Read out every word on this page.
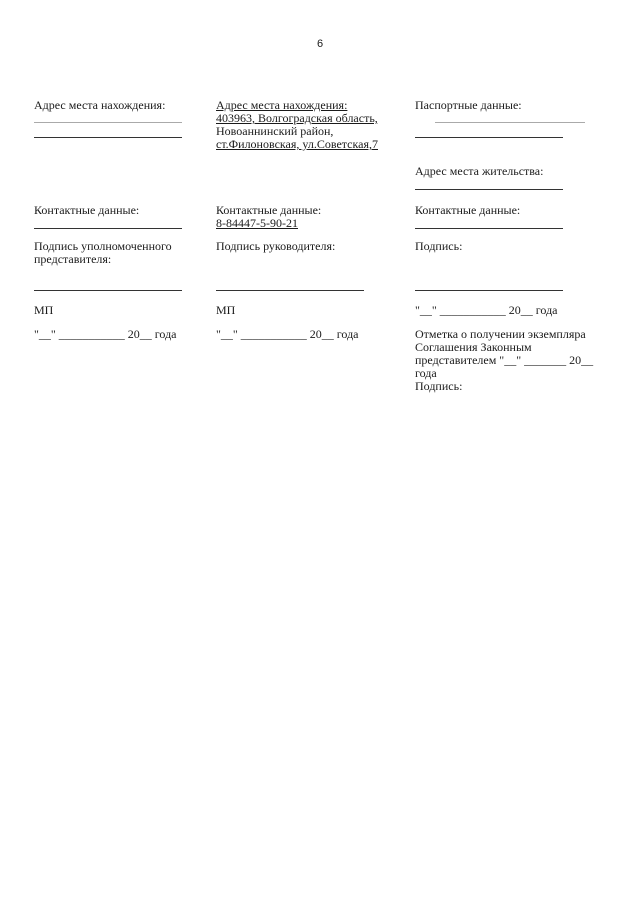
6
Адрес места нахождения:
Контактные данные:
Подпись уполномоченного представителя:
МП
"__" ___________ 20__ года
Адрес места нахождения:
403963, Волгоградская область,
Новоаннинский район,
ст.Филоновская, ул.Советская,7
Контактные данные:
8-84447-5-90-21
Подпись руководителя:
МП
"__" ___________ 20__ года
Паспортные данные:
Адрес места жительства:
Контактные данные:
Подпись:
"__" ___________ 20__ года
Отметка о получении экземпляра
Соглашения Законным
представителем "__" _______ 20__
года
Подпись:
